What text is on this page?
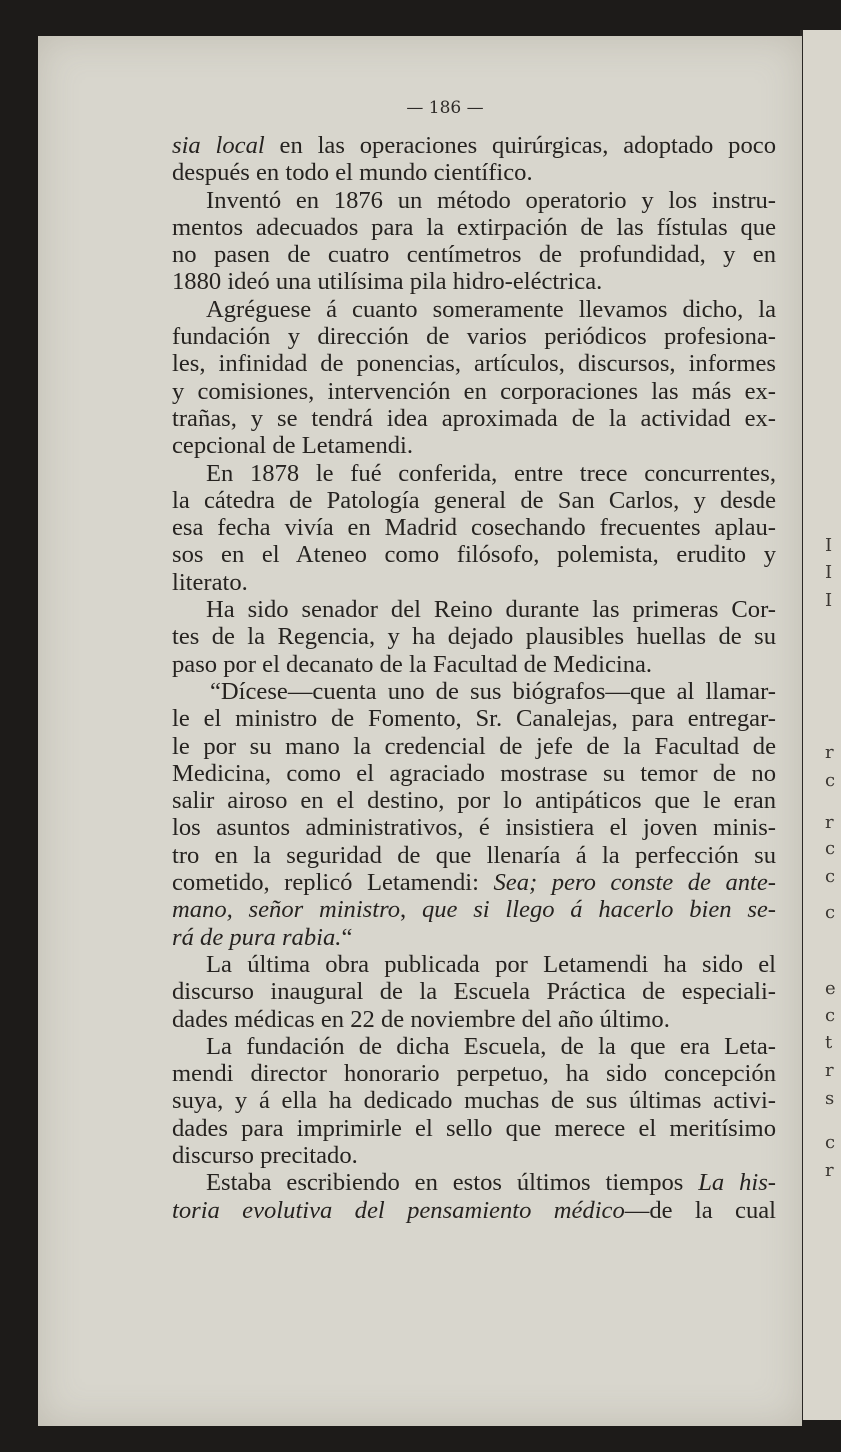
I
I
I
r
c
r
c
c
c
e
c
t
r
s
c
r
— 186 —
sia local en las operaciones quirúrgicas, adoptado poco
después en todo el mundo científico.
Inventó en 1876 un método operatorio y los instru-
mentos adecuados para la extirpación de las fístulas que
no pasen de cuatro centímetros de profundidad, y en
1880 ideó una utilísima pila hidro-eléctrica.
Agréguese á cuanto someramente llevamos dicho, la
fundación y dirección de varios periódicos profesiona-
les, infinidad de ponencias, artículos, discursos, informes
y comisiones, intervención en corporaciones las más ex-
trañas, y se tendrá idea aproximada de la actividad ex-
cepcional de Letamendi.
En 1878 le fué conferida, entre trece concurrentes,
la cátedra de Patología general de San Carlos, y desde
esa fecha vivía en Madrid cosechando frecuentes aplau-
sos en el Ateneo como filósofo, polemista, erudito y
literato.
Ha sido senador del Reino durante las primeras Cor-
tes de la Regencia, y ha dejado plausibles huellas de su
paso por el decanato de la Facultad de Medicina.
“Dícese—cuenta uno de sus biógrafos—que al llamar-
le el ministro de Fomento, Sr. Canalejas, para entregar-
le por su mano la credencial de jefe de la Facultad de
Medicina, como el agraciado mostrase su temor de no
salir airoso en el destino, por lo antipáticos que le eran
los asuntos administrativos, é insistiera el joven minis-
tro en la seguridad de que llenaría á la perfección su
cometido, replicó Letamendi: Sea; pero conste de ante-
mano, señor ministro, que si llego á hacerlo bien se-
rá de pura rabia.“
La última obra publicada por Letamendi ha sido el
discurso inaugural de la Escuela Práctica de especiali-
dades médicas en 22 de noviembre del año último.
La fundación de dicha Escuela, de la que era Leta-
mendi director honorario perpetuo, ha sido concepción
suya, y á ella ha dedicado muchas de sus últimas activi-
dades para imprimirle el sello que merece el meritísimo
discurso precitado.
Estaba escribiendo en estos últimos tiempos La his-
toria evolutiva del pensamiento médico—de la cual
